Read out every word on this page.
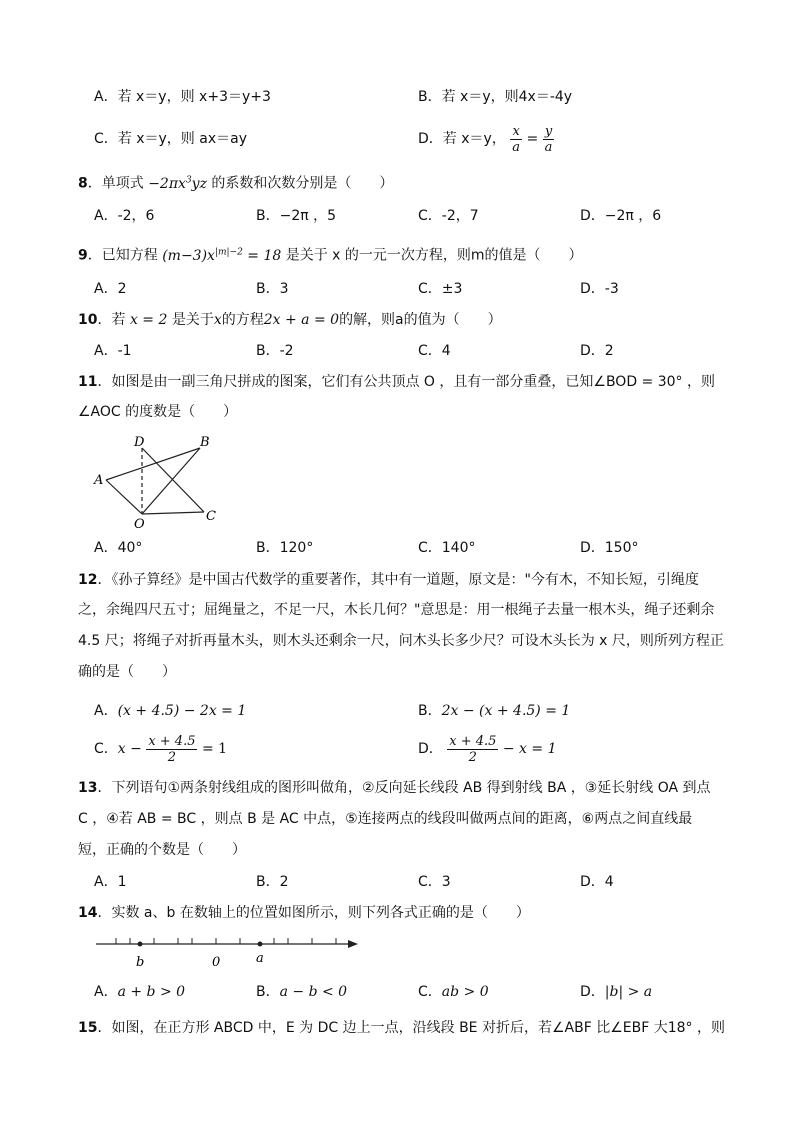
A．若 x＝y，则 x+3＝y+3	B．若 x＝y，则4x＝-4y
C．若 x＝y，则 ax＝ay	D．若 x＝y， $\frac{x}{a} = \frac{y}{a}$
8．单项式 $-2\pi x^3yz$ 的系数和次数分别是（　　）
A．-2，6	B．−2π ，5	C．-2，7	D．−2π ，6
9．已知方程 $(m-3)x^{|m|-2} = 18$ 是关于 x 的一元一次方程，则m的值是（　　）
A．2	B．3	C．±3	D．-3
10．若 x = 2 是关于x的方程2x + a = 0的解，则a的值为（　　）
A．-1	B．-2	C．4	D．2
11．如图是由一副三角尺拼成的图案，它们有公共顶点 O ，且有一部分重叠，已知∠BOD = 30° ，则
∠AOC 的度数是（　　）
D	B
A
O
C
A．40°	B．120°	C．140°	D．150°
12．《孙子算经》是中国古代数学的重要著作，其中有一道题，原文是："今有木，不知长短，引绳度
之，余绳四尺五寸；屈绳量之，不足一尺，木长几何？"意思是：用一根绳子去量一根木头，绳子还剩余
4.5 尺；将绳子对折再量木头，则木头还剩余一尺，问木头长多少尺？可设木头长为 x 尺，则所列方程正
确的是（　　）
A．(x + 4.5) − 2x = 1	B．2x − (x + 4.5) = 1
C．$x - \frac{x + 4.5}{2} = 1$	D． $\frac{x + 4.5}{2} - x = 1$
13．下列语句①两条射线组成的图形叫做角，②反向延长线段 AB 得到射线 BA ，③延长射线 OA 到点
C ，④若 AB = BC ，则点 B 是 AC 中点，⑤连接两点的线段叫做两点间的距离，⑥两点之间直线最
短，正确的个数是（　　）
A．1	B．2	C．3	D．4
14．实数 a、b 在数轴上的位置如图所示，则下列各式正确的是（　　）
b	0	a
A．a + b > 0	B．a − b < 0	C．ab > 0	D．|b| > a
15．如图，在正方形 ABCD 中，E 为 DC 边上一点，沿线段 BE 对折后，若∠ABF 比∠EBF 大18° ，则
